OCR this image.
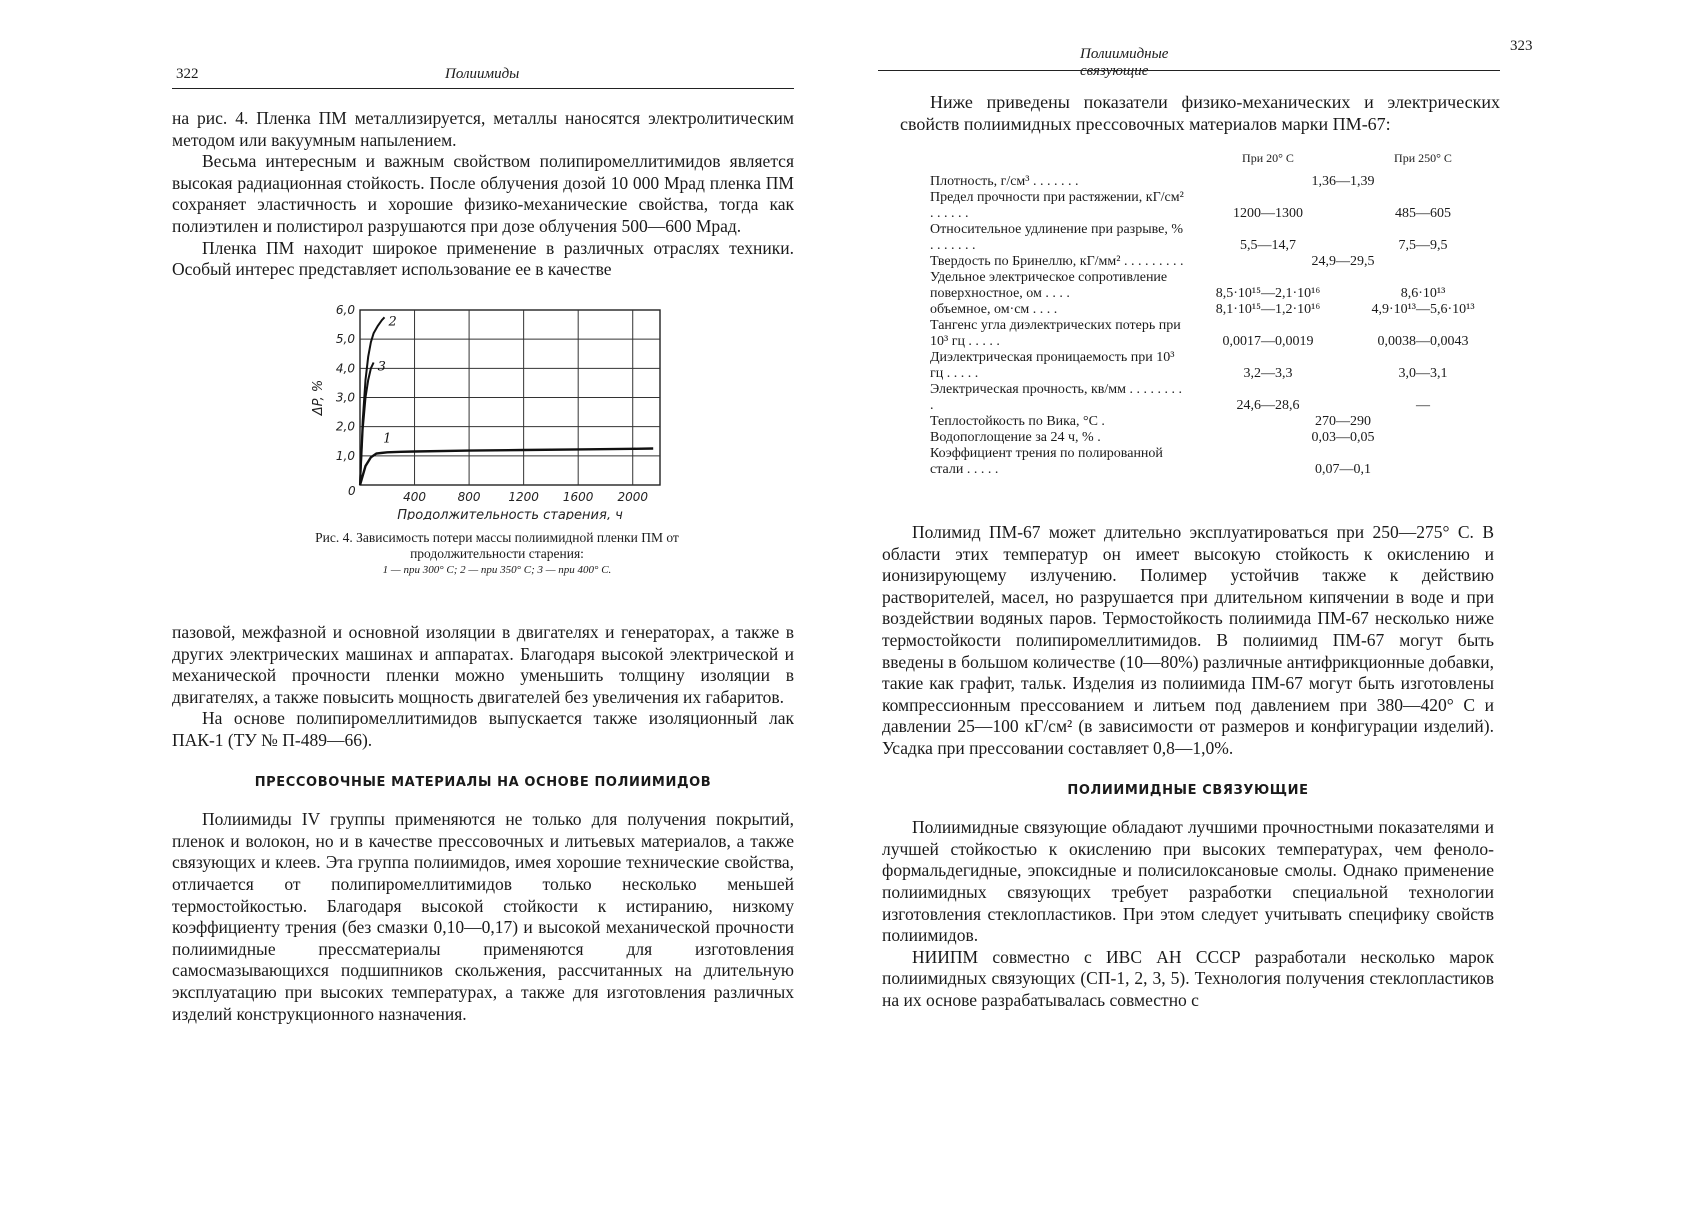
322	Полиимиды

на рис. 4. Пленка ПМ металлизируется, металлы наносятся электролитическим методом или вакуумным напылением.

Весьма интересным и важным свойством полипиромеллитимидов является высокая радиационная стойкость. После облучения дозой 10 000 Мрад пленка ПМ сохраняет эластичность и хорошие физико-механические свойства, тогда как полиэтилен и полистирол разрушаются при дозе облучения 500—600 Мрад.

Пленка ПМ находит широкое применение в различных отраслях техники. Особый интерес представляет использование ее в качестве

400	800 1200 1600 2000
1,0
2,0
3,0
4,0
5,0
6,0
0
Продолжительность старения, ч
ΔP, %
1
2
3
Рис. 4. Зависимость потери массы полиимидной пленки ПМ от продолжительности старения:
1 — при 300° С; 2 — при 350° С; 3 — при 400° С.

пазовой, межфазной и основной изоляции в двигателях и генераторах, а также в других электрических машинах и аппаратах. Благодаря высокой электрической и механической прочности пленки можно уменьшить толщину изоляции в двигателях, а также повысить мощность двигателей без увеличения их габаритов.

На основе полипиромеллитимидов выпускается также изоляционный лак ПАК-1 (ТУ № П-489—66).

ПРЕССОВОЧНЫЕ МАТЕРИАЛЫ НА ОСНОВЕ ПОЛИИМИДОВ

Полиимиды IV группы применяются не только для получения покрытий, пленок и волокон, но и в качестве прессовочных и литьевых материалов, а также связующих и клеев. Эта группа полиимидов, имея хорошие технические свойства, отличается от полипиромеллитимидов только несколько меньшей термостойкостью. Благодаря высокой стойкости к истиранию, низкому коэффициенту трения (без смазки 0,10—0,17) и высокой механической прочности полиимидные прессматериалы применяются для изготовления самосмазывающихся подшипников скольжения, рассчитанных на длительную эксплуатацию при высоких температурах, а также для изготовления различных изделий конструкционного назначения.

Полиимидные связующие
323

Ниже приведены показатели физико-механических и электрических свойств полиимидных прессовочных материалов марки ПМ-67:

	При 20° С	При 250° С
Плотность, г/см³ . . . . . . .	1,36—1,39	
Предел прочности при растяжении, кГ/см² . . . . . .	1200—1300	485—605
Относительное удлинение при разрыве, % . . . . . . .	5,5—14,7	7,5—9,5
Твердость по Бринеллю, кГ/мм² . . . . . . . . .	24,9—29,5	
Удельное электрическое сопротивление		
поверхностное, ом . . . .	8,5·10¹⁵—2,1·10¹⁶	8,6·10¹³
объемное, ом·см . . . .	8,1·10¹⁵—1,2·10¹⁶	4,9·10¹³—5,6·10¹³
Тангенс угла диэлектрических потерь при 10³ гц . . . . .	0,0017—0,0019	0,0038—0,0043
Диэлектрическая проницаемость при 10³ гц . . . . .	3,2—3,3	3,0—3,1
Электрическая прочность, кв/мм . . . . . . . . .	24,6—28,6	—
Теплостойкость по Вика, °С .	270—290	
Водопоглощение за 24 ч, % .	0,03—0,05	
Коэффициент трения по полированной стали . . . . .	0,07—0,1	

Полимид ПМ-67 может длительно эксплуатироваться при 250—275° С. В области этих температур он имеет высокую стойкость к окислению и ионизирующему излучению. Полимер устойчив также к действию растворителей, масел, но разрушается при длительном кипячении в воде и при воздействии водяных паров. Термостойкость полиимида ПМ-67 несколько ниже термостойкости полипиромеллитимидов. В полиимид ПМ-67 могут быть введены в большом количестве (10—80%) различные антифрикционные добавки, такие как графит, тальк. Изделия из полиимида ПМ-67 могут быть изготовлены компрессионным прессованием и литьем под давлением при 380—420° С и давлении 25—100 кГ/см² (в зависимости от размеров и конфигурации изделий). Усадка при прессовании составляет 0,8—1,0%.

ПОЛИИМИДНЫЕ СВЯЗУЮЩИЕ

Полиимидные связующие обладают лучшими прочностными показателями и лучшей стойкостью к окислению при высоких температурах, чем феноло-формальдегидные, эпоксидные и полисилоксановые смолы. Однако применение полиимидных связующих требует разработки специальной технологии изготовления стеклопластиков. При этом следует учитывать специфику свойств полиимидов.

НИИПМ совместно с ИВС АН СССР разработали несколько марок полиимидных связующих (СП-1, 2, 3, 5). Технология получения стеклопластиков на их основе разрабатывалась совместно с
